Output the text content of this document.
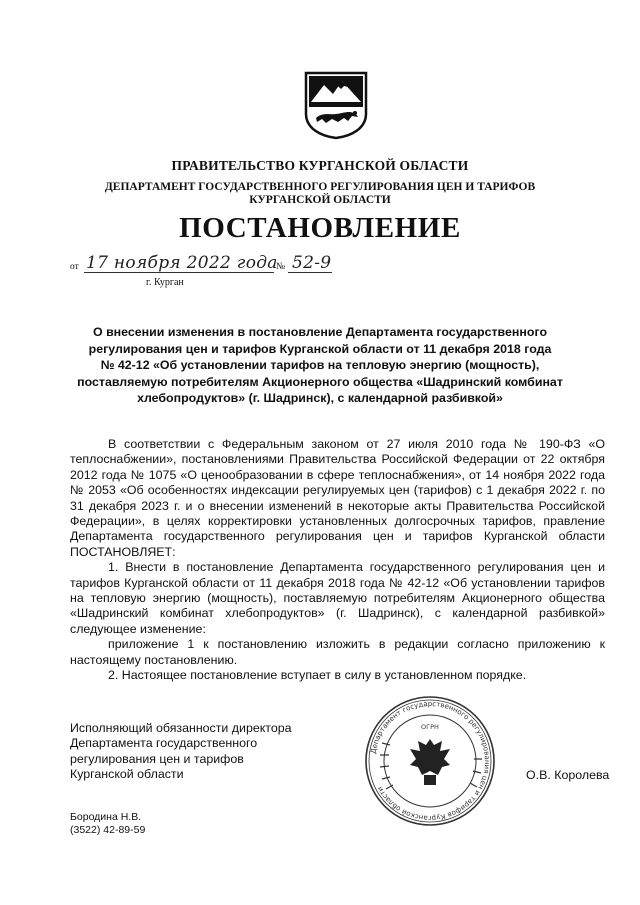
ПРАВИТЕЛЬСТВО КУРГАНСКОЙ ОБЛАСТИ
ДЕПАРТАМЕНТ ГОСУДАРСТВЕННОГО РЕГУЛИРОВАНИЯ ЦЕН И ТАРИФОВ
КУРГАНСКОЙ ОБЛАСТИ
ПОСТАНОВЛЕНИЕ
от 17 ноября 2022 года
№ 52-9
г. Курган
О внесении изменения в постановление Департамента государственного
регулирования цен и тарифов Курганской области от 11 декабря 2018 года
№ 42-12 «Об установлении тарифов на тепловую энергию (мощность),
поставляемую потребителям Акционерного общества «Шадринский комбинат
хлебопродуктов» (г. Шадринск), с календарной разбивкой»

В соответствии с Федеральным законом от 27 июля 2010 года № 190-ФЗ «О теплоснабжении», постановлениями Правительства Российской Федерации от 22 октября 2012 года № 1075 «О ценообразовании в сфере теплоснабжения», от 14 ноября 2022 года № 2053 «Об особенностях индексации регулируемых цен (тарифов) с 1 декабря 2022 г. по 31 декабря 2023 г. и о внесении изменений в некоторые акты Правительства Российской Федерации», в целях корректировки установленных долгосрочных тарифов, правление Департамента государственного регулирования цен и тарифов Курганской области ПОСТАНОВЛЯЕТ:

1. Внести в постановление Департамента государственного регулирования цен и тарифов Курганской области от 11 декабря 2018 года № 42-12 «Об установлении тарифов на тепловую энергию (мощность), поставляемую потребителям Акционерного общества «Шадринский комбинат хлебопродуктов» (г. Шадринск), с календарной разбивкой» следующее изменение:

приложение 1 к постановлению изложить в редакции согласно приложению к настоящему постановлению.

2. Настоящее постановление вступает в силу в установленном порядке.

Исполняющий обязанности директора
Департамента государственного
регулирования цен и тарифов
Курганской области
Департамент государственного регулирования цен и тарифов Курганской области
ОГРН
О.В. Королева
Бородина Н.В.
(3522) 42-89-59
